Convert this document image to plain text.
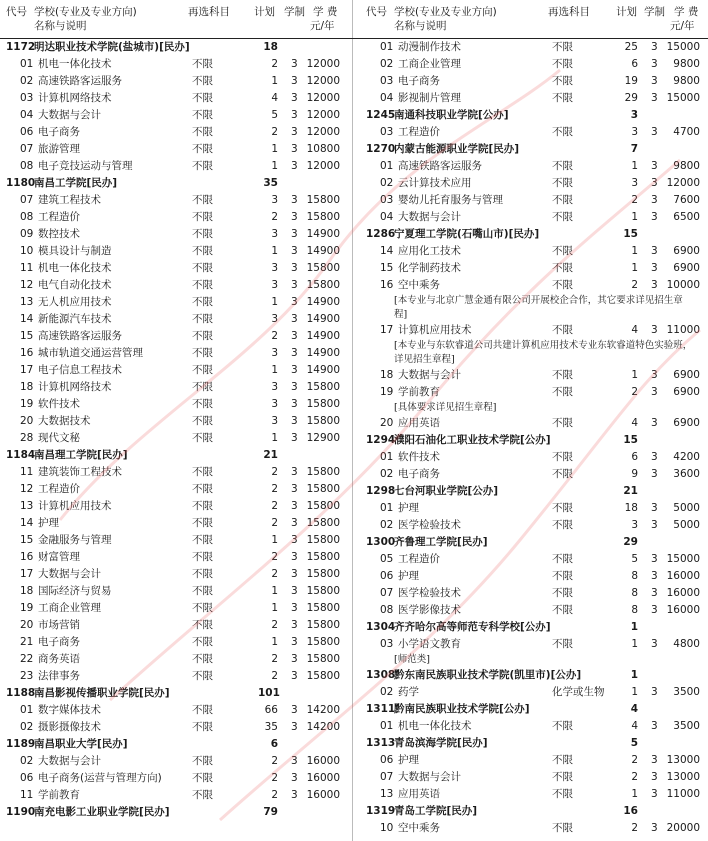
代号 学校(专业及专业方向)
名称与说明
再选科目 计划 学制 学 费
元/年
1172
明达职业技术学院(盐城市)[民办]	18
01 机电一体化技术	不限	2 3 12000
02 高速铁路客运服务	不限	1 3 12000
03 计算机网络技术	不限	4 3 12000
04 大数据与会计	不限	5 3 12000
06 电子商务	不限	2 3 12000
07 旅游管理	不限	1 3 10800
08 电子竞技运动与管理	不限	1 3 12000
1180
南昌工学院[民办]	35
07 建筑工程技术	不限	3 3 15800
08 工程造价	不限	2 3 15800
09 数控技术	不限	3 3 14900
10 模具设计与制造	不限	1 3 14900
11 机电一体化技术	不限	3 3 15800
12 电气自动化技术	不限	3 3 15800
13 无人机应用技术	不限	1 3 14900
14 新能源汽车技术	不限	3 3 14900
15 高速铁路客运服务	不限	2 3 14900
16 城市轨道交通运营管理	不限	3 3 14900
17 电子信息工程技术	不限	1 3 14900
18 计算机网络技术	不限	3 3 15800
19 软件技术	不限	3 3 15800
20 大数据技术	不限	3 3 15800
28 现代文秘	不限	1 3 12900
1184
南昌理工学院[民办]	21
11 建筑装饰工程技术	不限	2 3 15800
12 工程造价	不限	2 3 15800
13 计算机应用技术	不限	2 3 15800
14 护理	不限	2 3 15800
15 金融服务与管理	不限	1 3 15800
16 财富管理	不限	2 3 15800
17 大数据与会计	不限	2 3 15800
18 国际经济与贸易	不限	1 3 15800
19 工商企业管理	不限	1 3 15800
20 市场营销	不限	2 3 15800
21 电子商务	不限	1 3 15800
22 商务英语	不限	2 3 15800
23 法律事务	不限	2 3 15800
1188
南昌影视传播职业学院[民办]	101
01 数字媒体技术	不限	66 3 14200
02 摄影摄像技术	不限	35 3 14200
1189
南昌职业大学[民办]	6
02 大数据与会计	不限	2 3 16000
06 电子商务(运营与管理方向)	不限	2 3 16000
11 学前教育	不限	2 3 16000
1190
南充电影工业职业学院[民办]	79
代号 学校(专业及专业方向)
名称与说明
再选科目 计划 学制 学 费
元/年
01 动漫制作技术	不限	25 3 15000
02 工商企业管理	不限	6 3	9800
03 电子商务	不限	19 3	9800
04 影视制片管理	不限	29 3 15000
1245
南通科技职业学院[公办]	3
03 工程造价	不限	3 3	4700
1270
内蒙古能源职业学院[民办]	7
01 高速铁路客运服务	不限	1 3	9800
02 云计算技术应用	不限	3 3 12000
03 婴幼儿托育服务与管理	不限	2 3	7600
04 大数据与会计	不限	1 3	6500
1286
宁夏理工学院(石嘴山市)[民办]	15
14 应用化工技术	不限	1 3	6900
15 化学制药技术	不限	1 3	6900
16 空中乘务	不限	2 3 10000
[本专业与北京广慧金通有限公司开展校企合作，其它要求详见招生章程]
17 计算机应用技术	不限	4 3 11000
[本专业与东软睿道公司共建计算机应用技术专业东软睿道特色实验班，详见招生章程]
18 大数据与会计	不限	1 3	6900
19 学前教育	不限	2 3	6900
[具体要求详见招生章程]
20 应用英语	不限	4 3	6900
1294
濮阳石油化工职业技术学院[公办]	15
01 软件技术	不限	6 3	4200
02 电子商务	不限	9 3	3600
1298
七台河职业学院[公办]	21
01 护理	不限	18 3	5000
02 医学检验技术	不限	3 3	5000
1300
齐鲁理工学院[民办]	29
05 工程造价	不限	5 3 15000
06 护理	不限	8 3 16000
07 医学检验技术	不限	8 3 16000
08 医学影像技术	不限	8 3 16000
1304
齐齐哈尔高等师范专科学校[公办]	1
03 小学语文教育	不限	1 3	4800
[师范类]
1308
黔东南民族职业技术学院(凯里市)[公办]	1
02 药学	化学或生物	1 3	3500
1311
黔南民族职业技术学院[公办]	4
01 机电一体化技术	不限	4 3	3500
1313
青岛滨海学院[民办]	5
06 护理	不限	2 3 13000
07 大数据与会计	不限	2 3 13000
13 应用英语	不限	1 3 11000
1319
青岛工学院[民办]	16
10 空中乘务	不限	2 3 20000
